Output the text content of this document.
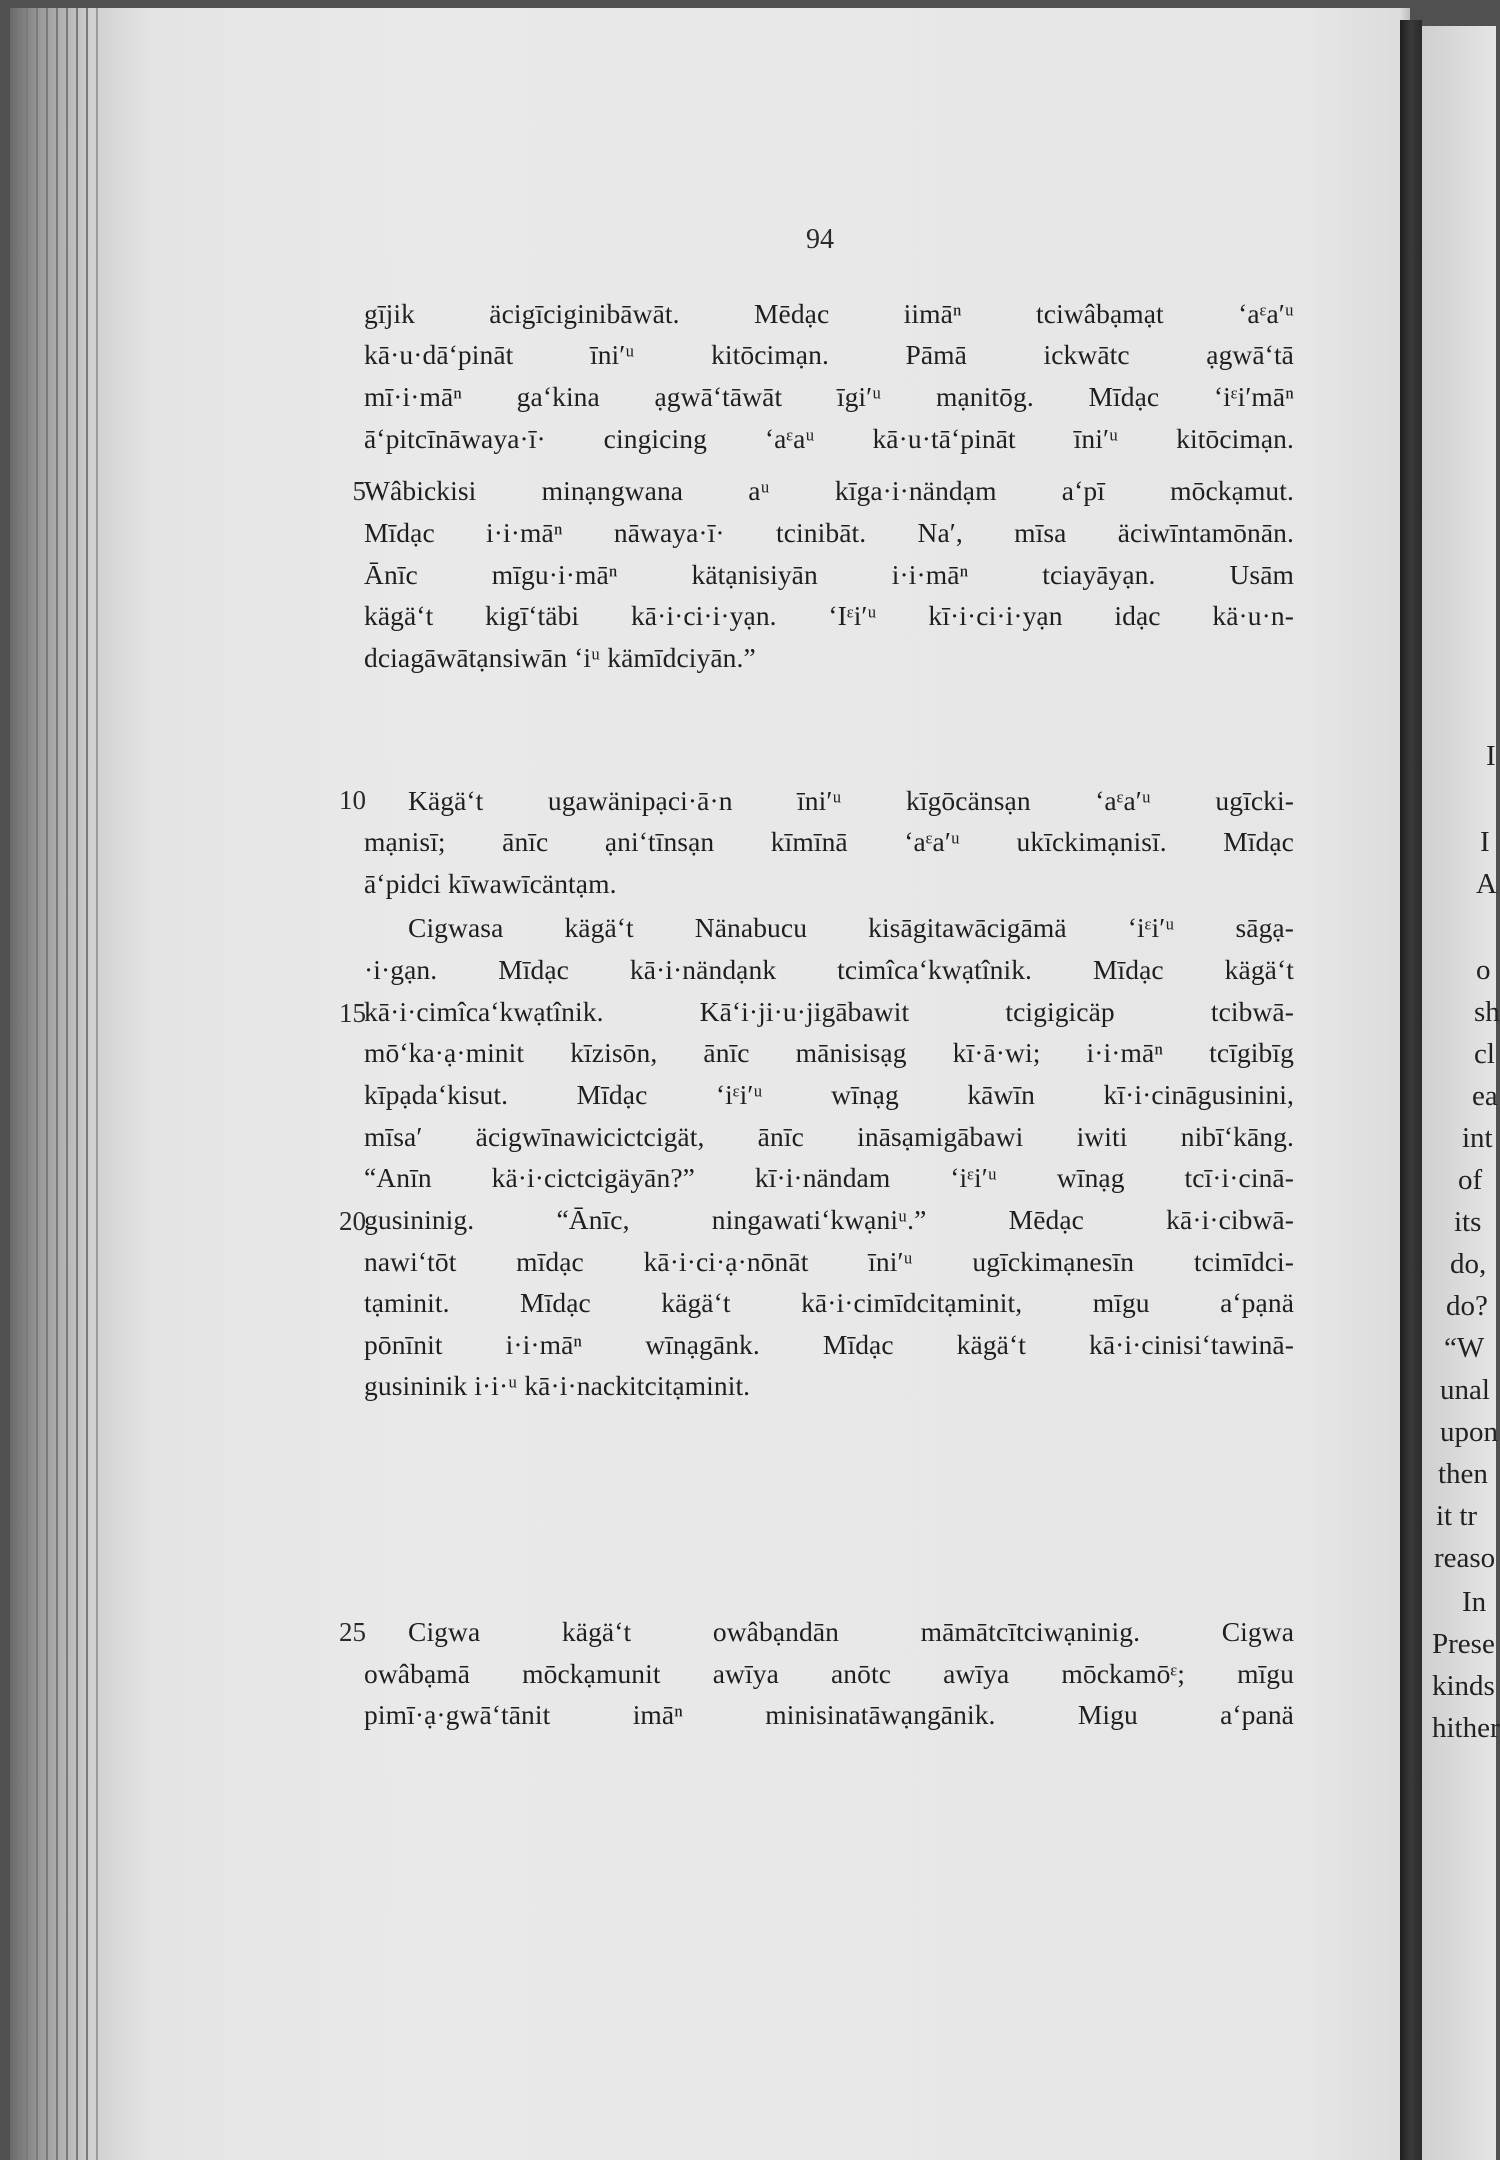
94
gījik äcigīciginibāwāt. Mēdạc iimāⁿ tciwâbạmạt ‘aᵋa′ᵘ
kā·u·dā‘pināt īni′ᵘ kitōcimạn. Pāmā ickwātc ạgwā‘tā
mī·i·māⁿ ga‘kina ạgwā‘tāwāt īgi′ᵘ mạnitōg. Mīdạc ‘iᵋi′māⁿ
ā‘pitcīnāwaya·ī· cingicing ‘aᵋaᵘ kā·u·tā‘pināt īni′ᵘ kitōcimạn.
5
Wâbickisi minạngwana aᵘ kīga·i·nändạm a‘pī mōckạmut.
Mīdạc i·i·māⁿ nāwaya·ī· tcinibāt. Na′, mīsa äciwīntamōnān.
Ānīc mīgu·i·māⁿ kätạnisiyān i·i·māⁿ tciayāyạn. Usām
kägä‘t kigī‘täbi kā·i·ci·i·yạn. ‘Iᵋi′ᵘ kī·i·ci·i·yạn idạc kä·u·n-
dciagāwātạnsiwān ‘iᵘ kämīdciyān.”
10 Kägä‘t ugawänipạci·ā·n īni′ᵘ kīgōcänsạn ‘aᵋa′ᵘ ugīcki-
mạnisī; ānīc ạni‘tīnsạn kīmīnā ‘aᵋa′ᵘ ukīckimạnisī. Mīdạc
ā‘pidci kīwawīcäntạm.
Cigwasa kägä‘t Nänabucu kisāgitawācigāmä ‘iᵋi′ᵘ sāgạ-
·i·gạn. Mīdạc kā·i·nändạnk tcimîca‘kwạtînik. Mīdạc kägä‘t
15
kā·i·cimîca‘kwạtînik. Kā‘i·ji·u·jigābawit tcigigicäp tcibwā-
mō‘ka·ạ·minit kīzisōn, ānīc mānisisạg kī·ā·wi; i·i·māⁿ tcīgibīg
kīpạda‘kisut. Mīdạc ‘iᵋi′ᵘ wīnạg kāwīn kī·i·cināgusinini,
mīsa′ äcigwīnawicictcigät, ānīc ināsạmigābawi iwiti nibī‘kāng.
“Anīn kä·i·cictcigäyān?” kī·i·nändam ‘iᵋi′ᵘ wīnạg tcī·i·cinā-
20
gusininig. “Ānīc, ningawati‘kwạniᵘ.” Mēdạc kā·i·cibwā-
nawi‘tōt mīdạc kā·i·ci·ạ·nōnāt īni′ᵘ ugīckimạnesīn tcimīdci-
tạminit. Mīdạc kägä‘t kā·i·cimīdcitạminit, mīgu a‘pạnä
pōnīnit i·i·māⁿ wīnạgānk. Mīdạc kägä‘t kā·i·cinisi‘tawinā-
gusininik i·i·ᵘ kā·i·nackitcitạminit.
25 Cigwa kägä‘t owâbạndān māmātcītciwạninig. Cigwa
owâbạmā mōckạmunit awīya anōtc awīya mōckamōᵋ; mīgu
pimī·ạ·gwā‘tānit imāⁿ minisinatāwạngānik. Migu a‘panä
I
I
A
o
sh
cl
ea
int
of
its
do,
do?
“W
unal
upon
then
it tr
reaso
In
Prese
kinds
hither
